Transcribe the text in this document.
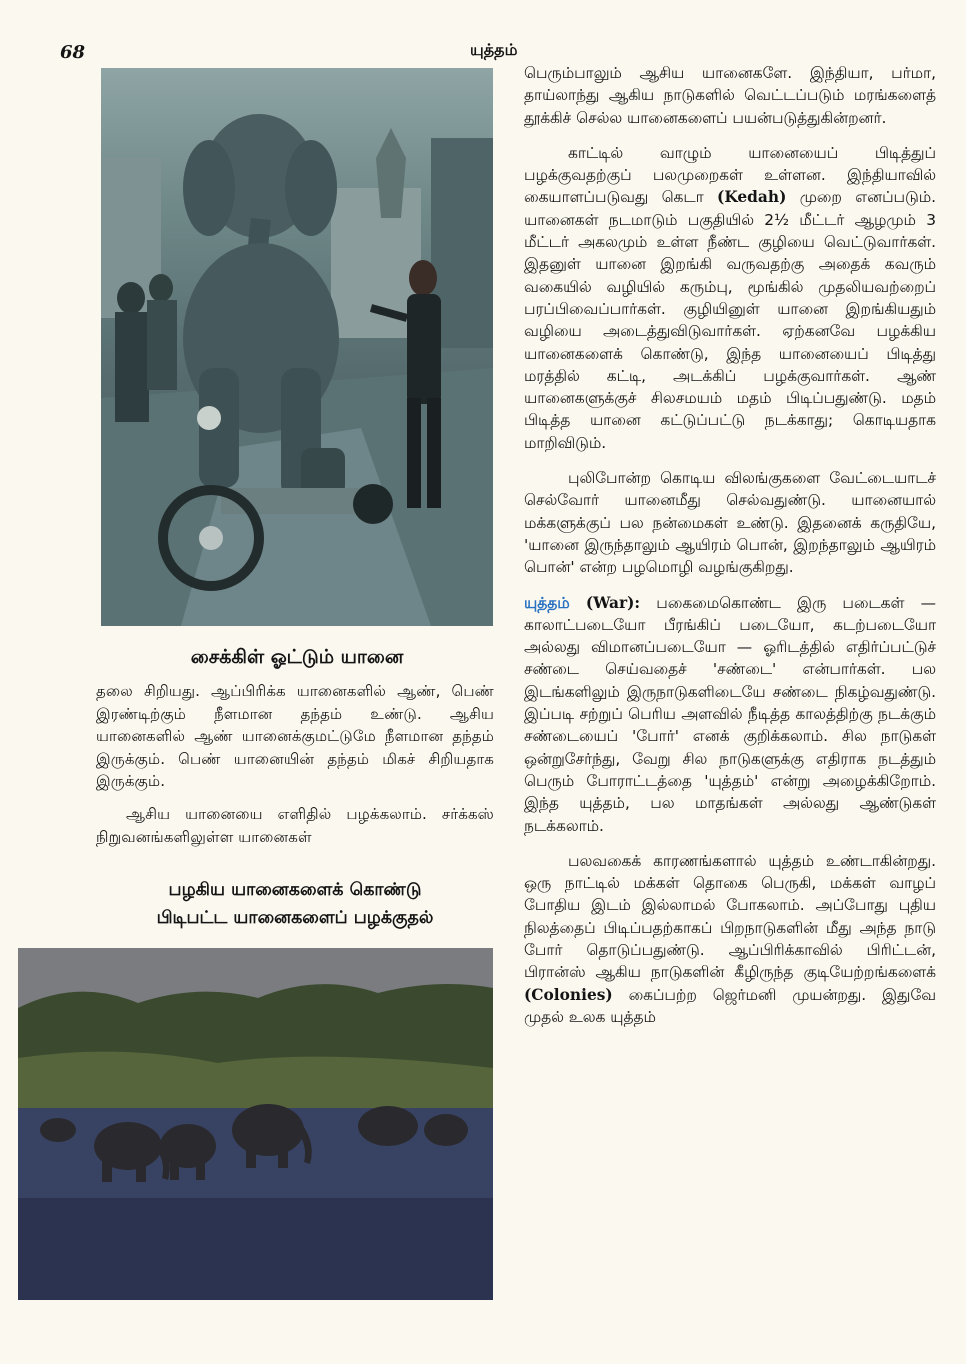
68	யுத்தம்
சைக்கிள் ஓட்டும் யானை

தலை சிறியது. ஆப்பிரிக்க யானைகளில் ஆண், பெண் இரண்டிற்கும் நீளமான தந்தம் உண்டு. ஆசிய யானைகளில் ஆண் யானைக்குமட்டுமே நீளமான தந்தம் இருக்கும். பெண் யானையின் தந்தம் மிகச் சிறியதாக இருக்கும்.

ஆசிய யானையை எளிதில் பழக்கலாம். சர்க்கஸ் நிறுவனங்களிலுள்ள யானைகள்

பழகிய யானைகளைக் கொண்டு
பிடிபட்ட யானைகளைப் பழக்குதல்

பெரும்பாலும் ஆசிய யானைகளே. இந்தியா, பர்மா, தாய்லாந்து ஆகிய நாடுகளில் வெட்டப்படும் மரங்களைத் தூக்கிச் செல்ல யானைகளைப் பயன்படுத்துகின்றனர்.

காட்டில் வாழும் யானையைப் பிடித்துப் பழக்குவதற்குப் பலமுறைகள் உள்ளன. இந்தியாவில் கையாளப்படுவது கெடா (Kedah) முறை எனப்படும். யானைகள் நடமாடும் பகுதியில் 2½ மீட்டர் ஆழமும் 3 மீட்டர் அகலமும் உள்ள நீண்ட குழியை வெட்டுவார்கள். இதனுள் யானை இறங்கி வருவதற்கு அதைக் கவரும் வகையில் வழியில் கரும்பு, மூங்கில் முதலியவற்றைப் பரப்பிவைப்பார்கள். குழியினுள் யானை இறங்கியதும் வழியை அடைத்துவிடுவார்கள். ஏற்கனவே பழக்கிய யானைகளைக் கொண்டு, இந்த யானையைப் பிடித்து மரத்தில் கட்டி, அடக்கிப் பழக்குவார்கள். ஆண் யானைகளுக்குச் சிலசமயம் மதம் பிடிப்பதுண்டு. மதம் பிடித்த யானை கட்டுப்பட்டு நடக்காது; கொடியதாக மாறிவிடும்.

புலிபோன்ற கொடிய விலங்குகளை வேட்டையாடச் செல்வோர் யானைமீது செல்வதுண்டு. யானையால் மக்களுக்குப் பல நன்மைகள் உண்டு. இதனைக் கருதியே, 'யானை இருந்தாலும் ஆயிரம் பொன், இறந்தாலும் ஆயிரம் பொன்' என்ற பழமொழி வழங்குகிறது.

யுத்தம் (War): பகைமைகொண்ட இரு படைகள் — காலாட்படையோ பீரங்கிப் படையோ, கடற்படையோ அல்லது விமானப்படையோ — ஓரிடத்தில் எதிர்ப்பட்டுச் சண்டை செய்வதைச் 'சண்டை' என்பார்கள். பல இடங்களிலும் இருநாடுகளிடையே சண்டை நிகழ்வதுண்டு. இப்படி சற்றுப் பெரிய அளவில் நீடித்த காலத்திற்கு நடக்கும் சண்டையைப் 'போர்' எனக் குறிக்கலாம். சில நாடுகள் ஒன்றுசேர்ந்து, வேறு சில நாடுகளுக்கு எதிராக நடத்தும் பெரும் போராட்டத்தை 'யுத்தம்' என்று அழைக்கிறோம். இந்த யுத்தம், பல மாதங்கள் அல்லது ஆண்டுகள் நடக்கலாம்.

பலவகைக் காரணங்களால் யுத்தம் உண்டாகின்றது. ஒரு நாட்டில் மக்கள் தொகை பெருகி, மக்கள் வாழப் போதிய இடம் இல்லாமல் போகலாம். அப்போது புதிய நிலத்தைப் பிடிப்பதற்காகப் பிறநாடுகளின் மீது அந்த நாடு போர் தொடுப்பதுண்டு. ஆப்பிரிக்காவில் பிரிட்டன், பிரான்ஸ் ஆகிய நாடுகளின் கீழிருந்த குடியேற்றங்களைக் (Colonies) கைப்பற்ற ஜெர்மனி முயன்றது. இதுவே முதல் உலக யுத்தம்
